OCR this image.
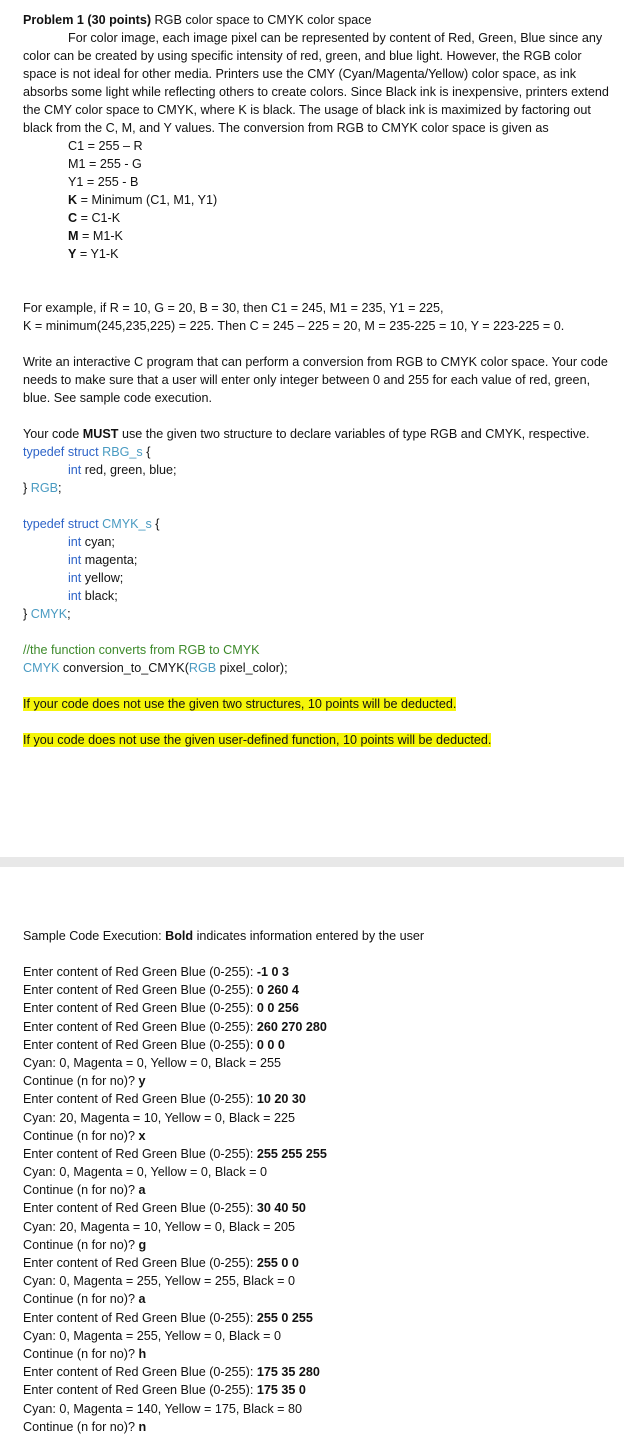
Problem 1 (30 points) RGB color space to CMYK color space

For color image, each image pixel can be represented by content of Red, Green, Blue since any color can be created by using specific intensity of red, green, and blue light. However, the RGB color space is not ideal for other media. Printers use the CMY (Cyan/Magenta/Yellow) color space, as ink absorbs some light while reflecting others to create colors. Since Black ink is inexpensive, printers extend the CMY color space to CMYK, where K is black. The usage of black ink is maximized by factoring out black from the C, M, and Y values. The conversion from RGB to CMYK color space is given as

C1 = 255 – R
M1 = 255 - G
Y1 = 255 - B
K = Minimum (C1, M1, Y1)
C = C1-K
M = M1-K
Y = Y1-K

For example, if R = 10, G = 20, B = 30, then C1 = 245, M1 = 235, Y1 = 225,

K = minimum(245,235,225) = 225. Then C = 245 – 225 = 20, M = 235-225 = 10, Y = 223-225 = 0.

Write an interactive C program that can perform a conversion from RGB to CMYK color space. Your code needs to make sure that a user will enter only integer between 0 and 255 for each value of red, green, blue. See sample code execution.

Your code MUST use the given two structure to declare variables of type RGB and CMYK, respective.

typedef struct RBG_s {
int red, green, blue;
} RGB;
typedef struct CMYK_s {
int cyan;
int magenta;
int yellow;
int black;
} CMYK;
//the function converts from RGB to CMYK
CMYK conversion_to_CMYK(RGB pixel_color);

If your code does not use the given two structures, 10 points will be deducted.

If you code does not use the given user-defined function, 10 points will be deducted.

Sample Code Execution: Bold indicates information entered by the user

Enter content of Red Green Blue (0-255): -1 0 3
Enter content of Red Green Blue (0-255): 0 260 4
Enter content of Red Green Blue (0-255): 0 0 256
Enter content of Red Green Blue (0-255): 260 270 280
Enter content of Red Green Blue (0-255): 0 0 0
Cyan: 0, Magenta = 0, Yellow = 0, Black = 255
Continue (n for no)? y
Enter content of Red Green Blue (0-255): 10 20 30
Cyan: 20, Magenta = 10, Yellow = 0, Black = 225
Continue (n for no)? x
Enter content of Red Green Blue (0-255): 255 255 255
Cyan: 0, Magenta = 0, Yellow = 0, Black = 0
Continue (n for no)? a
Enter content of Red Green Blue (0-255): 30 40 50
Cyan: 20, Magenta = 10, Yellow = 0, Black = 205
Continue (n for no)? g
Enter content of Red Green Blue (0-255): 255 0 0
Cyan: 0, Magenta = 255, Yellow = 255, Black = 0
Continue (n for no)? a
Enter content of Red Green Blue (0-255): 255 0 255
Cyan: 0, Magenta = 255, Yellow = 0, Black = 0
Continue (n for no)? h
Enter content of Red Green Blue (0-255): 175 35 280
Enter content of Red Green Blue (0-255): 175 35 0
Cyan: 0, Magenta = 140, Yellow = 175, Black = 80
Continue (n for no)? n
